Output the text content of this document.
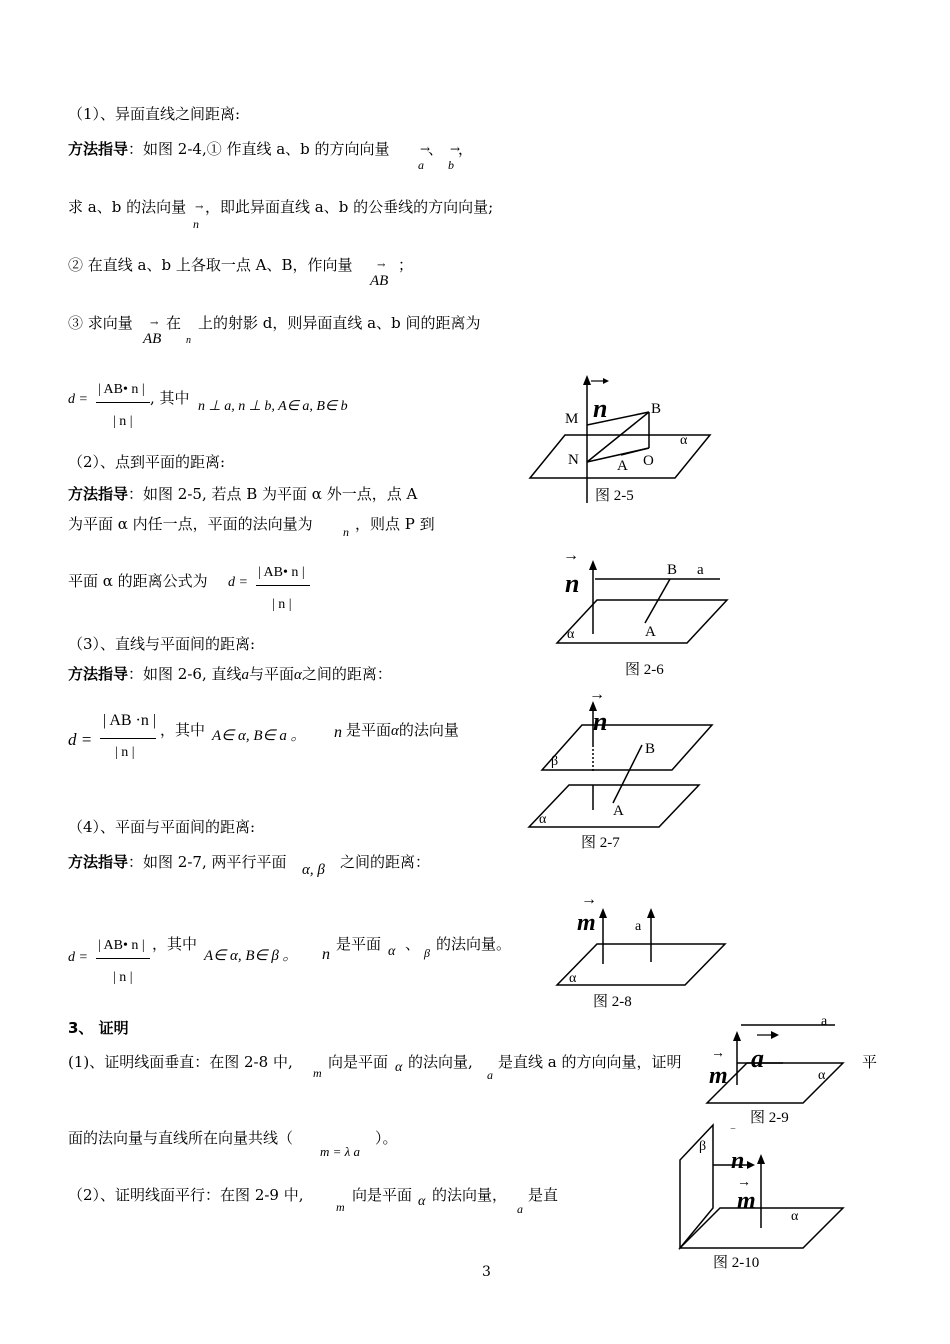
（1）、异面直线之间距离:
方法指导：如图 2-4,① 作直线 a、b 的方向向量
a
→
、
b
→
，
求 a、b 的法向量
n
→ ，即此异面直线 a、b 的公垂线的方向向量;
② 在直线 a、b 上各取一点 A、B，作向量
AB
→ ；
③ 求向量
AB
→ 在
n
上的射影 d，则异面直线 a、b 间的距离为
d =
| AB• n |
| n |
, 其中 n ⊥ a, n ⊥ b, A∈ a, B∈ b
（2）、点到平面的距离:
方法指导：如图 2-5, 若点 B 为平面 α 外一点，点 A
为平面 α 内任一点，平面的法向量为	n ，则点 P 到
平面 α 的距离公式为 d =
| AB• n |
| n |
（3）、直线与平面间的距离:
方法指导：如图 2-6, 直线a与平面α之间的距离：
d =
| AB ·n |
| n |
，其中 A∈ α, B∈ a 。 n 是平面α的法向量
（4）、平面与平面间的距离:
方法指导：如图 2-7, 两平行平面 α, β 之间的距离：
d =
| AB• n |
| n |
，其中
A∈ α, B∈ β 。 n
是平面 α 、 β 的法向量。
3、 证明
(1)、证明线面垂直：在图 2-8 中,
m
向是平面 α 的法向量,
a
是直线 a 的方向向量，证明	平
面的法向量与直线所在向量共线（
m = λ a
）。
（2）、证明线面平行：在图 2-9 中,
m
向是平面 α 的法向量，
a
是直
n
M
N	A O
B
α
图 2-5
n
→
B a
A
α
图 2-6
→
n
B
A
β
α
图 2-7
→
m	a
α
图 2-8
a
a
→
m	α
图 2-9
‾
n
→
m
β
α
图 2-10
3
